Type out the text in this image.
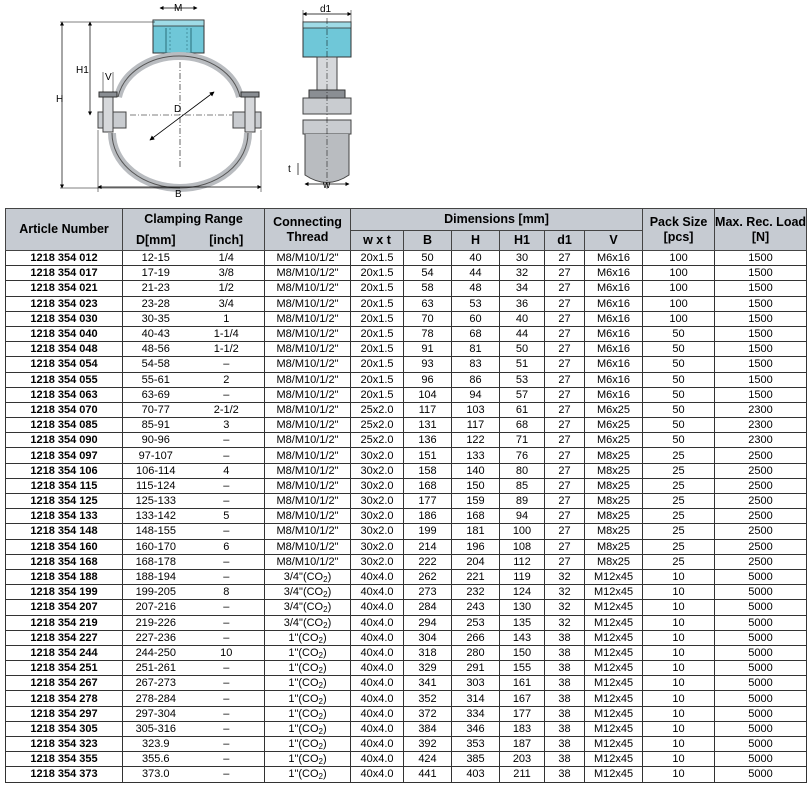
D
M
H
H1
V
B
d1
t
w
Article Number	Clamping Range		Connecting Thread	Dimensions [mm]						Pack Size [pcs]	Max. Rec. Load [N]
	D[mm]	[inch]		w x t	B	H	H1	d1	V		
1218 354 012	12-15	1/4	M8/M10/1/2"	20x1.5	50	40	30	27	M6x16	100	1500
1218 354 017	17-19	3/8	M8/M10/1/2"	20x1.5	54	44	32	27	M6x16	100	1500
1218 354 021	21-23	1/2	M8/M10/1/2"	20x1.5	58	48	34	27	M6x16	100	1500
1218 354 023	23-28	3/4	M8/M10/1/2"	20x1.5	63	53	36	27	M6x16	100	1500
1218 354 030	30-35	1	M8/M10/1/2"	20x1.5	70	60	40	27	M6x16	100	1500
1218 354 040	40-43	1-1/4	M8/M10/1/2"	20x1.5	78	68	44	27	M6x16	50	1500
1218 354 048	48-56	1-1/2	M8/M10/1/2"	20x1.5	91	81	50	27	M6x16	50	1500
1218 354 054	54-58	–	M8/M10/1/2"	20x1.5	93	83	51	27	M6x16	50	1500
1218 354 055	55-61	2	M8/M10/1/2"	20x1.5	96	86	53	27	M6x16	50	1500
1218 354 063	63-69	–	M8/M10/1/2"	20x1.5	104	94	57	27	M6x16	50	1500
1218 354 070	70-77	2-1/2	M8/M10/1/2"	25x2.0	117	103	61	27	M6x25	50	2300
1218 354 085	85-91	3	M8/M10/1/2"	25x2.0	131	117	68	27	M6x25	50	2300
1218 354 090	90-96	–	M8/M10/1/2"	25x2.0	136	122	71	27	M6x25	50	2300
1218 354 097	97-107	–	M8/M10/1/2"	30x2.0	151	133	76	27	M8x25	25	2500
1218 354 106	106-114	4	M8/M10/1/2"	30x2.0	158	140	80	27	M8x25	25	2500
1218 354 115	115-124	–	M8/M10/1/2"	30x2.0	168	150	85	27	M8x25	25	2500
1218 354 125	125-133	–	M8/M10/1/2"	30x2.0	177	159	89	27	M8x25	25	2500
1218 354 133	133-142	5	M8/M10/1/2"	30x2.0	186	168	94	27	M8x25	25	2500
1218 354 148	148-155	–	M8/M10/1/2"	30x2.0	199	181	100	27	M8x25	25	2500
1218 354 160	160-170	6	M8/M10/1/2"	30x2.0	214	196	108	27	M8x25	25	2500
1218 354 168	168-178	–	M8/M10/1/2"	30x2.0	222	204	112	27	M8x25	25	2500
1218 354 188	188-194	–	$3/4"(CO_2)$	40x4.0	262	221	119	32	M12x45	10	5000
1218 354 199	199-205	8	$3/4"(CO_2)$	40x4.0	273	232	124	32	M12x45	10	5000
1218 354 207	207-216	–	$3/4"(CO_2)$	40x4.0	284	243	130	32	M12x45	10	5000
1218 354 219	219-226	–	$3/4"(CO_2)$	40x4.0	294	253	135	32	M12x45	10	5000
1218 354 227	227-236	–	$1"(CO_2)$	40x4.0	304	266	143	38	M12x45	10	5000
1218 354 244	244-250	10	$1"(CO_2)$	40x4.0	318	280	150	38	M12x45	10	5000
1218 354 251	251-261	–	$1"(CO_2)$	40x4.0	329	291	155	38	M12x45	10	5000
1218 354 267	267-273	–	$1"(CO_2)$	40x4.0	341	303	161	38	M12x45	10	5000
1218 354 278	278-284	–	$1"(CO_2)$	40x4.0	352	314	167	38	M12x45	10	5000
1218 354 297	297-304	–	$1"(CO_2)$	40x4.0	372	334	177	38	M12x45	10	5000
1218 354 305	305-316	–	$1"(CO_2)$	40x4.0	384	346	183	38	M12x45	10	5000
1218 354 323	323.9	–	$1"(CO_2)$	40x4.0	392	353	187	38	M12x45	10	5000
1218 354 355	355.6	–	$1"(CO_2)$	40x4.0	424	385	203	38	M12x45	10	5000
1218 354 373	373.0	–	$1"(CO_2)$	40x4.0	441	403	211	38	M12x45	10	5000
